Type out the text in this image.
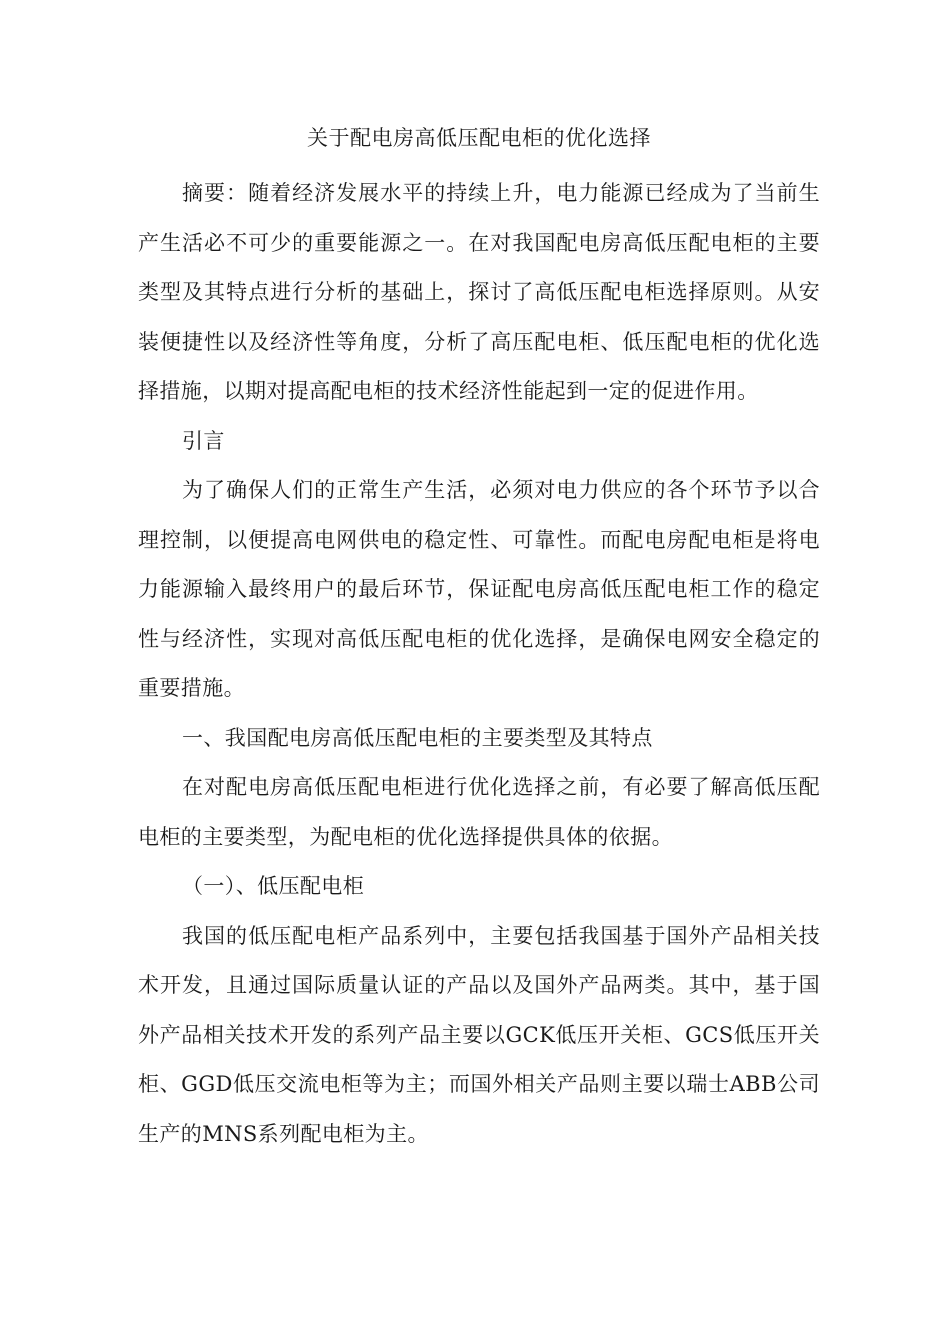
关于配电房高低压配电柜的优化选择

摘要：随着经济发展水平的持续上升，电力能源已经成为了当前生产生活必不可少的重要能源之一。在对我国配电房高低压配电柜的主要类型及其特点进行分析的基础上，探讨了高低压配电柜选择原则。从安装便捷性以及经济性等角度，分析了高压配电柜、低压配电柜的优化选择措施，以期对提高配电柜的技术经济性能起到一定的促进作用。

引言

为了确保人们的正常生产生活，必须对电力供应的各个环节予以合理控制，以便提高电网供电的稳定性、可靠性。而配电房配电柜是将电力能源输入最终用户的最后环节，保证配电房高低压配电柜工作的稳定性与经济性，实现对高低压配电柜的优化选择，是确保电网安全稳定的重要措施。

一、我国配电房高低压配电柜的主要类型及其特点

在对配电房高低压配电柜进行优化选择之前，有必要了解高低压配电柜的主要类型，为配电柜的优化选择提供具体的依据。

（一）、低压配电柜

我国的低压配电柜产品系列中，主要包括我国基于国外产品相关技术开发，且通过国际质量认证的产品以及国外产品两类。其中，基于国外产品相关技术开发的系列产品主要以GCK低压开关柜、GCS低压开关柜、GGD低压交流电柜等为主；而国外相关产品则主要以瑞士ABB公司生产的MNS系列配电柜为主。
